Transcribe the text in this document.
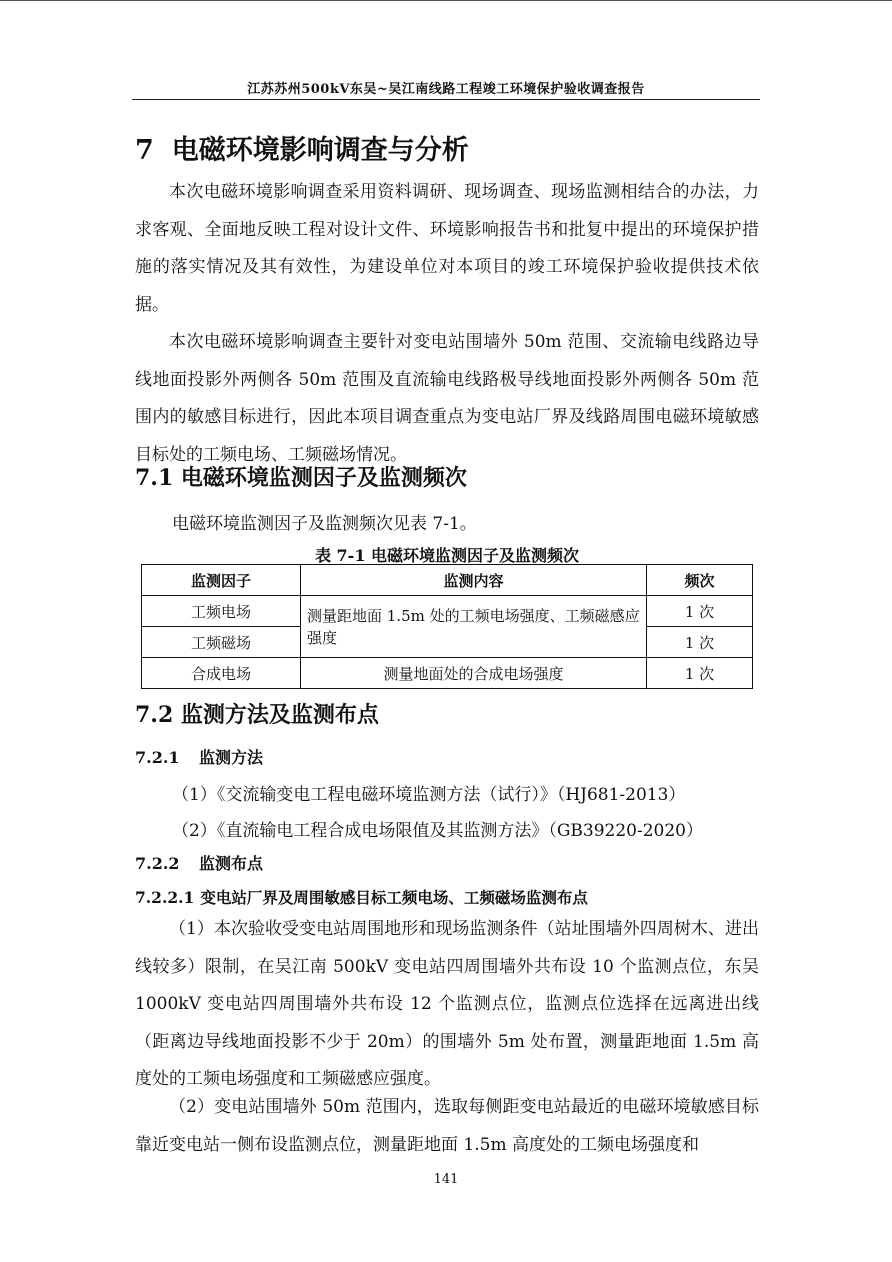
江苏苏州500kV东吴~吴江南线路工程竣工环境保护验收调查报告
7 电磁环境影响调查与分析

本次电磁环境影响调查采用资料调研、现场调查、现场监测相结合的办法，力求客观、全面地反映工程对设计文件、环境影响报告书和批复中提出的环境保护措施的落实情况及其有效性，为建设单位对本项目的竣工环境保护验收提供技术依据。

本次电磁环境影响调查主要针对变电站围墙外 50m 范围、交流输电线路边导线地面投影外两侧各 50m 范围及直流输电线路极导线地面投影外两侧各 50m 范围内的敏感目标进行，因此本项目调查重点为变电站厂界及线路周围电磁环境敏感目标处的工频电场、工频磁场情况。

7.1 电磁环境监测因子及监测频次
电磁环境监测因子及监测频次见表 7-1。
表 7-1 电磁环境监测因子及监测频次
监测因子	监测内容	频次
工频电场	测量距地面 1.5m 处的工频电场强度、工频磁感应强度	1 次
工频磁场		1 次
合成电场	测量地面处的合成电场强度	1 次
7.2 监测方法及监测布点
7.2.1 监测方法
（1）《交流输变电工程电磁环境监测方法（试行）》（HJ681-2013）
（2）《直流输电工程合成电场限值及其监测方法》（GB39220-2020）
7.2.2 监测布点
7.2.2.1 变电站厂界及周围敏感目标工频电场、工频磁场监测布点

（1）本次验收受变电站周围地形和现场监测条件（站址围墙外四周树木、进出线较多）限制，在吴江南 500kV 变电站四周围墙外共布设 10 个监测点位，东吴 1000kV 变电站四周围墙外共布设 12 个监测点位，监测点位选择在远离进出线（距离边导线地面投影不少于 20m）的围墙外 5m 处布置，测量距地面 1.5m 高度处的工频电场强度和工频磁感应强度。

（2）变电站围墙外 50m 范围内，选取每侧距变电站最近的电磁环境敏感目标靠近变电站一侧布设监测点位，测量距地面 1.5m 高度处的工频电场强度和

141
